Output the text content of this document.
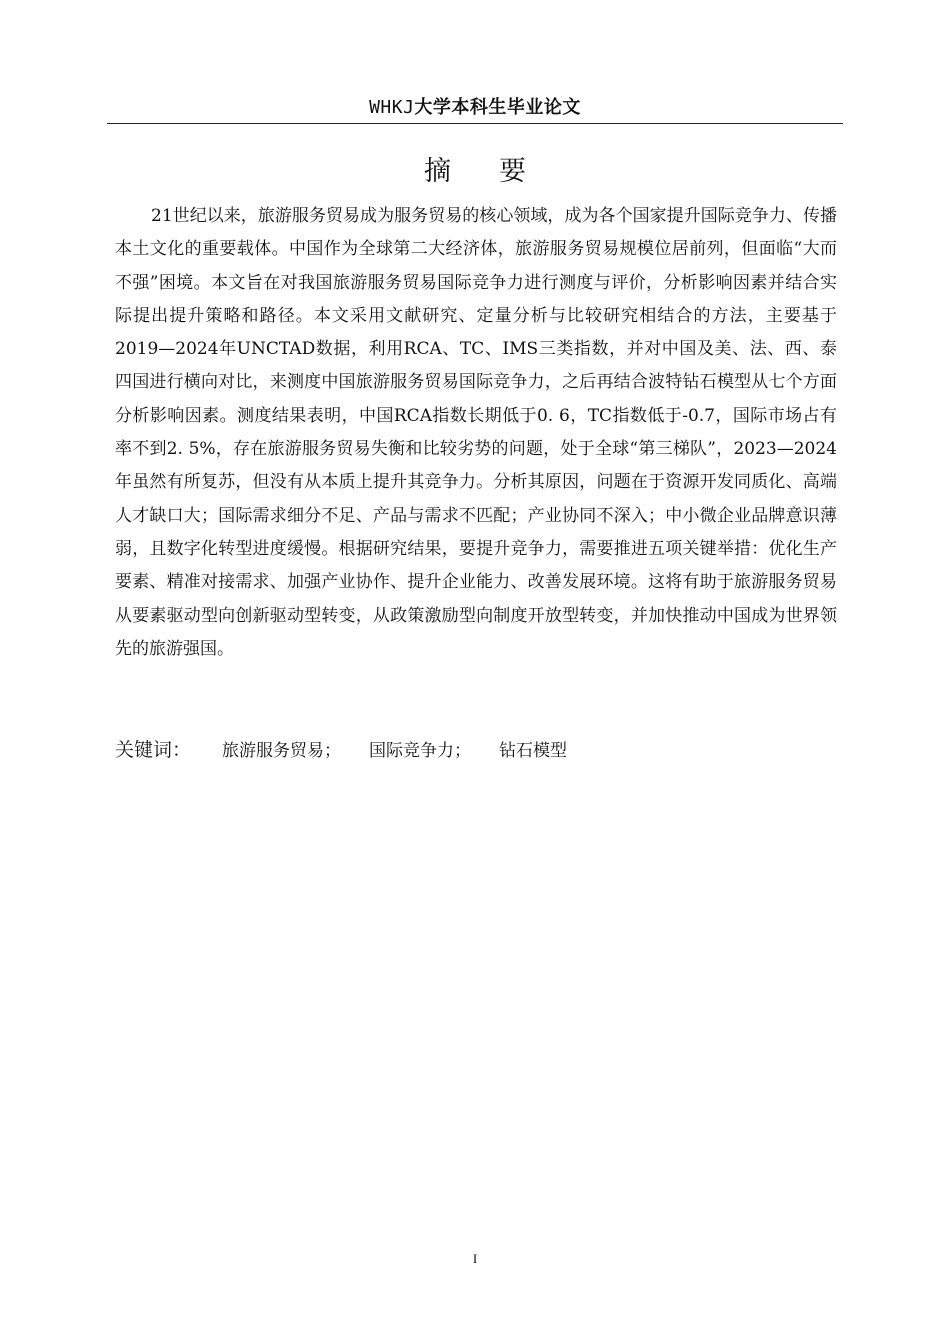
WHKJ大学本科生毕业论文
摘要

21世纪以来，旅游服务贸易成为服务贸易的核心领域，成为各个国家提升国际竞争力、传播本土文化的重要载体。中国作为全球第二大经济体，旅游服务贸易规模位居前列，但面临“大而不强”困境。本文旨在对我国旅游服务贸易国际竞争力进行测度与评价，分析影响因素并结合实际提出提升策略和路径。本文采用文献研究、定量分析与比较研究相结合的方法，主要基于2019—2024年UNCTAD数据，利用RCA、TC、IMS三类指数，并对中国及美、法、西、泰四国进行横向对比，来测度中国旅游服务贸易国际竞争力，之后再结合波特钻石模型从七个方面分析影响因素。测度结果表明，中国RCA指数长期低于0. 6，TC指数低于-0.7，国际市场占有率不到2. 5%，存在旅游服务贸易失衡和比较劣势的问题，处于全球“第三梯队”，2023—2024年虽然有所复苏，但没有从本质上提升其竞争力。分析其原因，问题在于资源开发同质化、高端人才缺口大；国际需求细分不足、产品与需求不匹配；产业协同不深入；中小微企业品牌意识薄弱，且数字化转型进度缓慢。根据研究结果，要提升竞争力，需要推进五项关键举措：优化生产要素、精准对接需求、加强产业协作、提升企业能力、改善发展环境。这将有助于旅游服务贸易从要素驱动型向创新驱动型转变，从政策激励型向制度开放型转变，并加快推动中国成为世界领先的旅游强国。

关键词： 旅游服务贸易； 国际竞争力； 钻石模型
I
